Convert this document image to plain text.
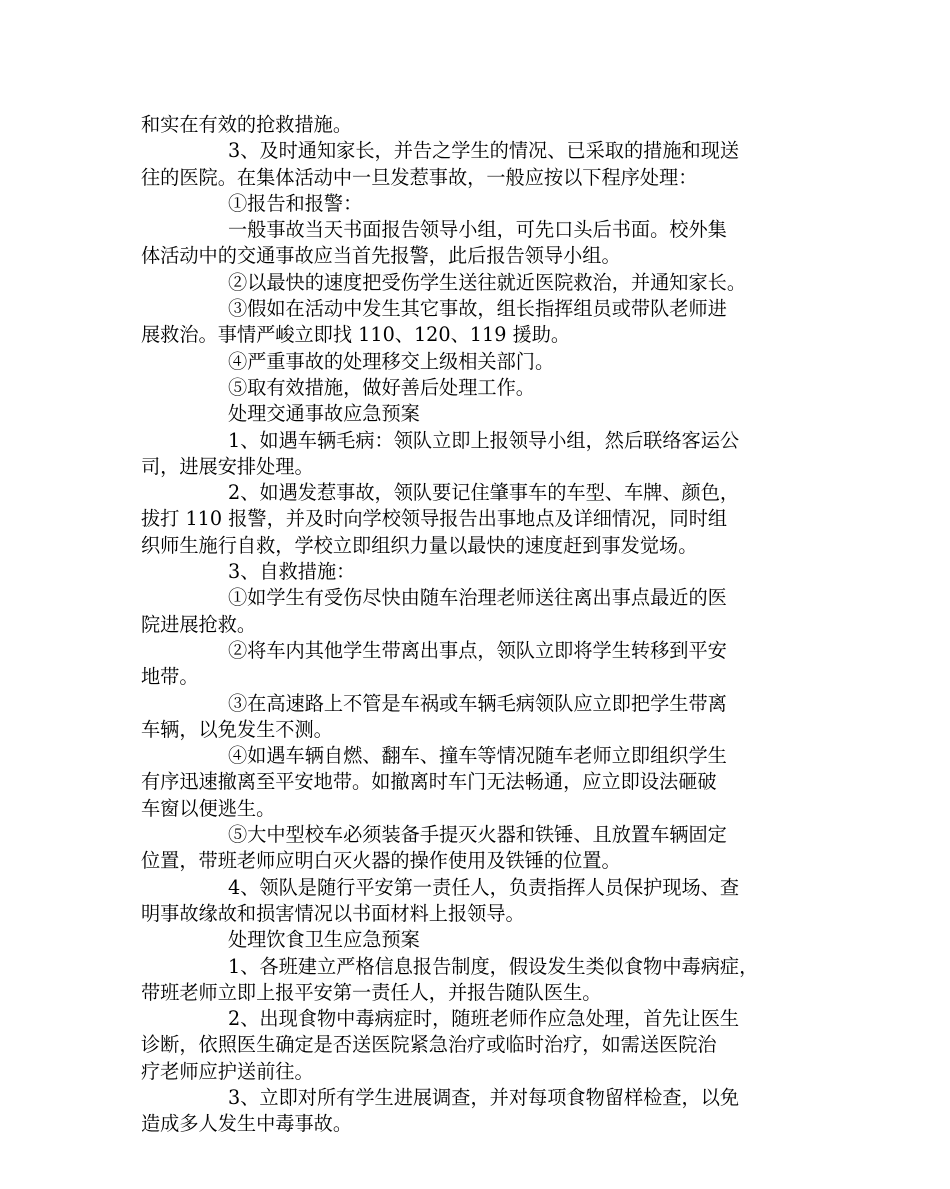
和实在有效的抢救措施。
3、及时通知家长，并告之学生的情况、已采取的措施和现送
往的医院。在集体活动中一旦发惹事故，一般应按以下程序处理：
①报告和报警：
一般事故当天书面报告领导小组，可先口头后书面。校外集
体活动中的交通事故应当首先报警，此后报告领导小组。
②以最快的速度把受伤学生送往就近医院救治，并通知家长。
③假如在活动中发生其它事故，组长指挥组员或带队老师进
展救治。事情严峻立即找 110、120、119 援助。
④严重事故的处理移交上级相关部门。
⑤取有效措施，做好善后处理工作。
处理交通事故应急预案
1、如遇车辆毛病：领队立即上报领导小组，然后联络客运公
司，进展安排处理。
2、如遇发惹事故，领队要记住肇事车的车型、车牌、颜色，
拔打 110 报警，并及时向学校领导报告出事地点及详细情况，同时组
织师生施行自救，学校立即组织力量以最快的速度赶到事发觉场。
3、自救措施：
①如学生有受伤尽快由随车治理老师送往离出事点最近的医
院进展抢救。
②将车内其他学生带离出事点，领队立即将学生转移到平安
地带。
③在高速路上不管是车祸或车辆毛病领队应立即把学生带离
车辆，以免发生不测。
④如遇车辆自燃、翻车、撞车等情况随车老师立即组织学生
有序迅速撤离至平安地带。如撤离时车门无法畅通，应立即设法砸破
车窗以便逃生。
⑤大中型校车必须装备手提灭火器和铁锤、且放置车辆固定
位置，带班老师应明白灭火器的操作使用及铁锤的位置。
4、领队是随行平安第一责任人，负责指挥人员保护现场、查
明事故缘故和损害情况以书面材料上报领导。
处理饮食卫生应急预案
1、各班建立严格信息报告制度，假设发生类似食物中毒病症，
带班老师立即上报平安第一责任人，并报告随队医生。
2、出现食物中毒病症时，随班老师作应急处理，首先让医生
诊断，依照医生确定是否送医院紧急治疗或临时治疗，如需送医院治
疗老师应护送前往。
3、立即对所有学生进展调查，并对每项食物留样检查，以免
造成多人发生中毒事故。
